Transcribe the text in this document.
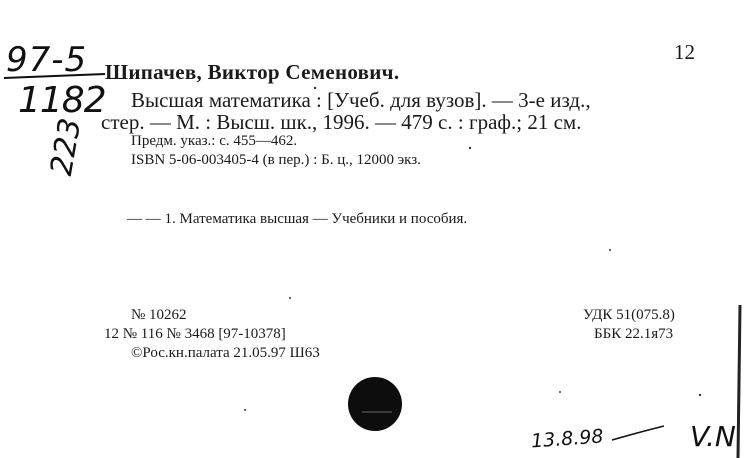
97-5
1182
223
12
Шипачев, Виктор Семенович.
Высшая математика : [Учеб. для вузов]. — 3-е изд.,
стер. — М. : Высш. шк., 1996. — 479 с. : граф.; 21 см.
Предм. указ.: с. 455—462.
ISBN 5-06-003405-4 (в пер.) : Б. ц., 12000 экз.
— — 1. Математика высшая — Учебники и пособия.
№ 10262
12 № 116 № 3468 [97-10378]
©Рос.кн.палата 21.05.97 Ш63
УДК 51(075.8)
ББК 22.1я73
13.8.98	V.N
